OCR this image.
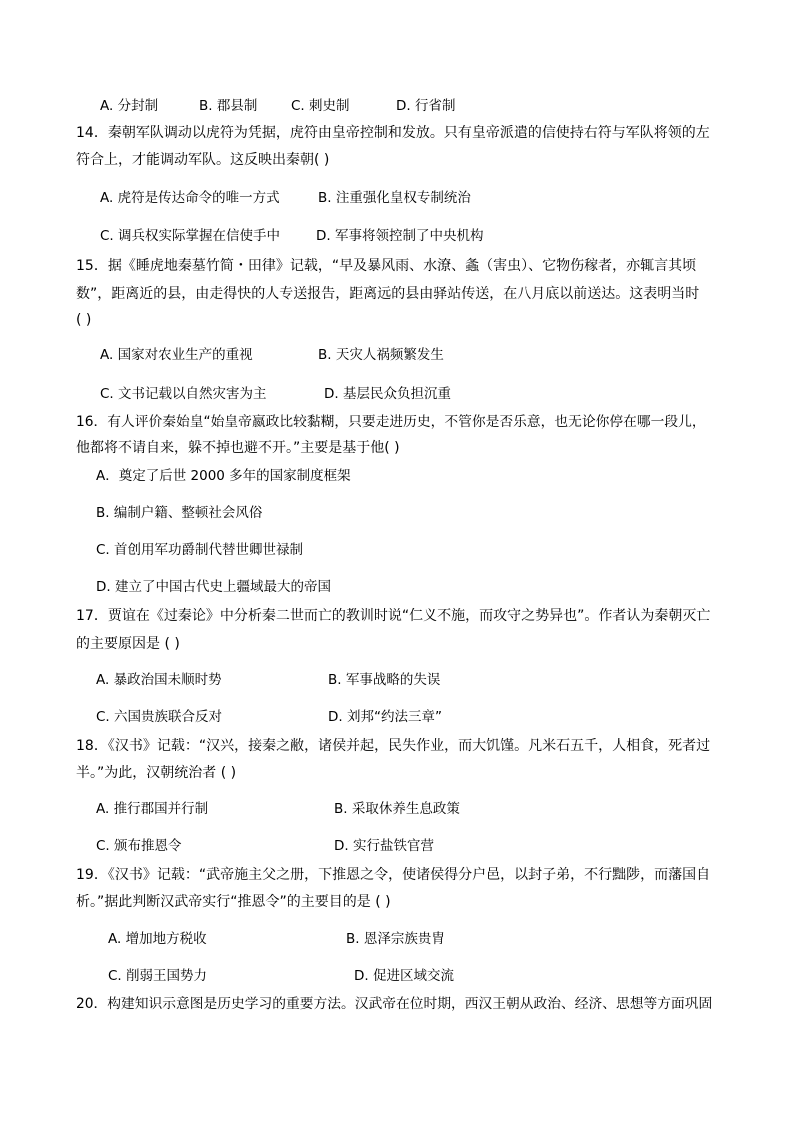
A. 分封制	B. 郡县制 C. 刺史制	D. 行省制
14．秦朝军队调动以虎符为凭据，虎符由皇帝控制和发放。只有皇帝派遣的信使持右符与军队将领的左
符合上，才能调动军队。这反映出秦朝( )
A. 虎符是传达命令的唯一方式	B. 注重强化皇权专制统治
C. 调兵权实际掌握在信使手中	D. 军事将领控制了中央机构
15．据《睡虎地秦墓竹简・田律》记载，“早及暴风雨、水潦、螽（害虫）、它物伤稼者，亦辄言其顷
数”，距离近的县，由走得快的人专送报告，距离远的县由驿站传送，在八月底以前送达。这表明当时
( )
A. 国家对农业生产的重视	B. 天灾人祸频繁发生
C. 文书记载以自然灾害为主	D. 基层民众负担沉重
16．有人评价秦始皇“始皇帝嬴政比较黏糊，只要走进历史，不管你是否乐意，也无论你停在哪一段儿，
他都将不请自来，躲不掉也避不开。”主要是基于他( )
A．奠定了后世 2000 多年的国家制度框架
B. 编制户籍、整顿社会风俗
C. 首创用军功爵制代替世卿世禄制
D. 建立了中国古代史上疆域最大的帝国
17．贾谊在《过秦论》中分析秦二世而亡的教训时说“仁义不施，而攻守之势异也”。作者认为秦朝灭亡
的主要原因是 ( )
A. 暴政治国未顺时势	B. 军事战略的失误
C. 六国贵族联合反对	D. 刘邦“约法三章”
18．《汉书》记载：“汉兴，接秦之敝，诸侯并起，民失作业，而大饥馑。凡米石五千，人相食，死者过
半。”为此，汉朝统治者 ( )
A. 推行郡国并行制	B. 采取休养生息政策
C. 颁布推恩令	D. 实行盐铁官营
19．《汉书》记载：“武帝施主父之册，下推恩之令，使诸侯得分户邑，以封子弟，不行黜陟，而藩国自
析。”据此判断汉武帝实行“推恩令”的主要目的是 ( )
A. 增加地方税收	B. 恩泽宗族贵胄
C. 削弱王国势力	D. 促进区域交流
20．构建知识示意图是历史学习的重要方法。汉武帝在位时期，西汉王朝从政治、经济、思想等方面巩固
